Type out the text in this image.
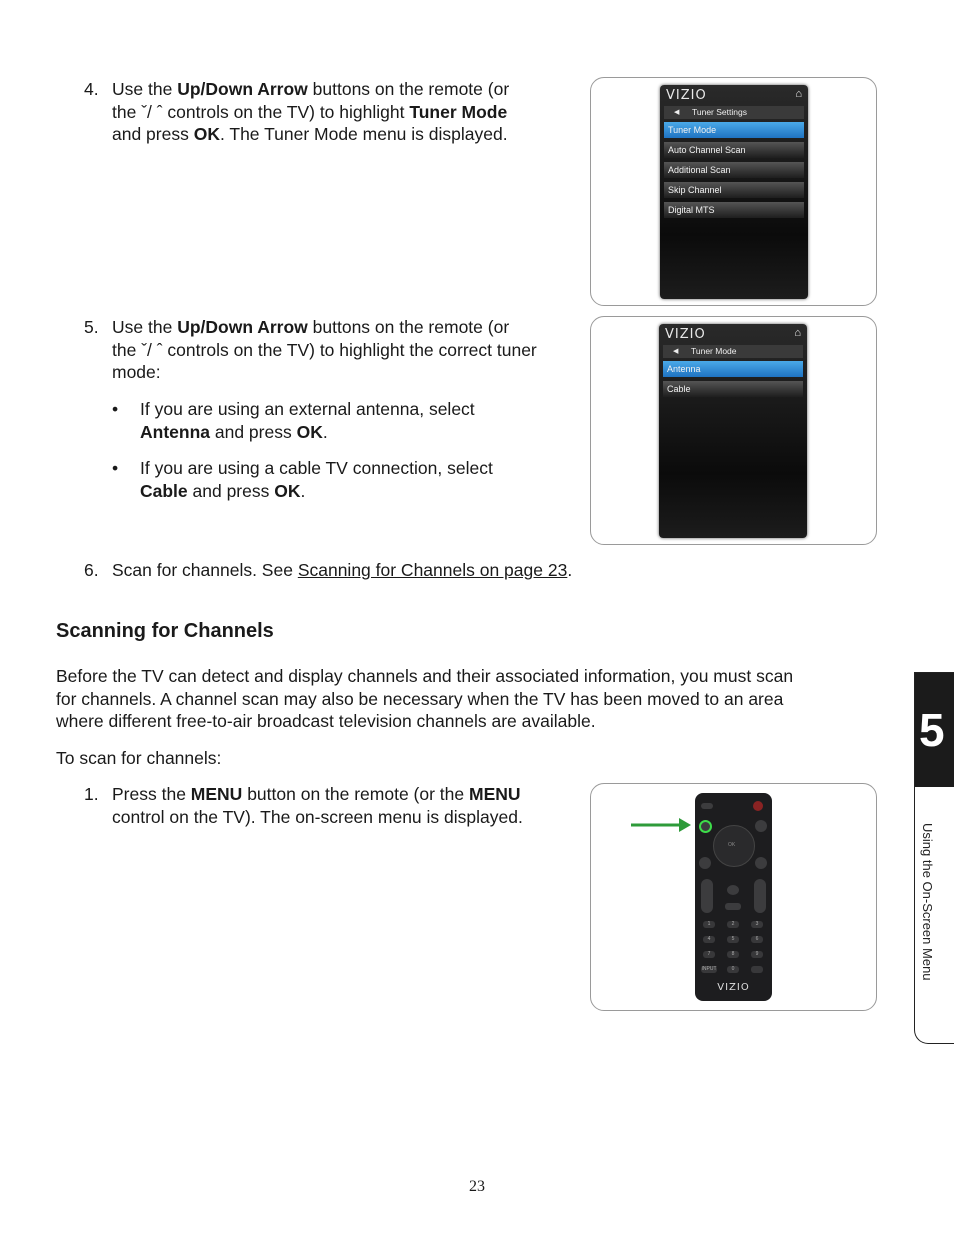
4. Use the Up/Down Arrow buttons on the remote (or
the ˇ/ ˆ controls on the TV) to highlight Tuner Mode
and press OK. The Tuner Mode menu is displayed.
VIZIO	⌂
◀ Tuner Settings
Tuner Mode
Auto Channel Scan
Additional Scan
Skip Channel
Digital MTS
5. Use the Up/Down Arrow buttons on the remote (or
the ˇ/ ˆ controls on the TV) to highlight the correct tuner
mode:
• If you are using an external antenna, select
Antenna and press OK.
• If you are using a cable TV connection, select
Cable and press OK.
VIZIO	⌂
◀ Tuner Mode
Antenna
Cable
6. Scan for channels. See Scanning for Channels on page 23.
Scanning for Channels
Before the TV can detect and display channels and their associated information, you must scan
for channels. A channel scan may also be necessary when the TV has been moved to an area
where different free-to-air broadcast television channels are available.
To scan for channels:
1. Press the MENU button on the remote (or the MENU
control on the TV). The on-screen menu is displayed.
OK
1	2	3
4	5	6
7	8	9
INPUT	0
VIZIO
5
Using the On-Screen Menu
23
